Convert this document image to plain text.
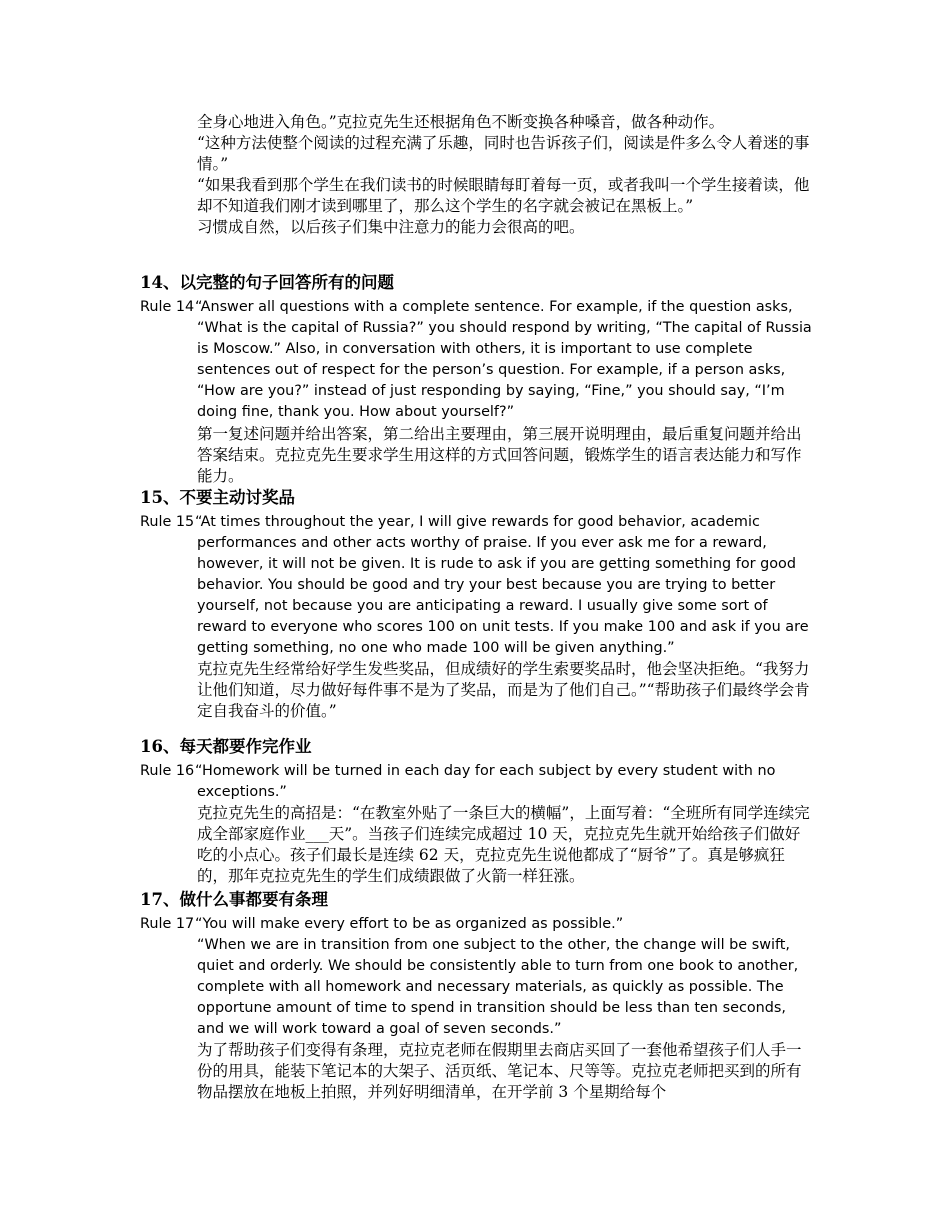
全身心地进入角色。”克拉克先生还根据角色不断变换各种嗓音，做各种动作。

“这种方法使整个阅读的过程充满了乐趣，同时也告诉孩子们，阅读是件多么令人着迷的事情。”

“如果我看到那个学生在我们读书的时候眼睛每盯着每一页，或者我叫一个学生接着读，他却不知道我们刚才读到哪里了，那么这个学生的名字就会被记在黑板上。”

习惯成自然，以后孩子们集中注意力的能力会很高的吧。

14、以完整的句子回答所有的问题

Rule 14 “Answer all questions with a complete sentence. For example, if the question asks, “What is the capital of Russia?” you should respond by writing, “The capital of Russia is Moscow.” Also, in conversation with others, it is important to use complete sentences out of respect for the person’s question. For example, if a person asks, “How are you?” instead of just responding by saying, “Fine,” you should say, “I’m doing fine, thank you. How about yourself?”

第一复述问题并给出答案，第二给出主要理由，第三展开说明理由，最后重复问题并给出答案结束。克拉克先生要求学生用这样的方式回答问题，锻炼学生的语言表达能力和写作能力。

15、不要主动讨奖品

Rule 15 “At times throughout the year, I will give rewards for good behavior, academic performances and other acts worthy of praise. If you ever ask me for a reward, however, it will not be given. It is rude to ask if you are getting something for good behavior. You should be good and try your best because you are trying to better yourself, not because you are anticipating a reward. I usually give some sort of reward to everyone who scores 100 on unit tests. If you make 100 and ask if you are getting something, no one who made 100 will be given anything.”

克拉克先生经常给好学生发些奖品，但成绩好的学生索要奖品时，他会坚决拒绝。“我努力让他们知道，尽力做好每件事不是为了奖品，而是为了他们自己。”“帮助孩子们最终学会肯定自我奋斗的价值。”

16、每天都要作完作业

Rule 16 “Homework will be turned in each day for each subject by every student with no exceptions.”

克拉克先生的高招是：“在教室外贴了一条巨大的横幅”，上面写着：“全班所有同学连续完成全部家庭作业___天”。当孩子们连续完成超过 10 天，克拉克先生就开始给孩子们做好吃的小点心。孩子们最长是连续 62 天，克拉克先生说他都成了“厨爷”了。真是够疯狂的，那年克拉克先生的学生们成绩跟做了火箭一样狂涨。

17、做什么事都要有条理

Rule 17 “You will make every effort to be as organized as possible.”

“When we are in transition from one subject to the other, the change will be swift, quiet and orderly. We should be consistently able to turn from one book to another, complete with all homework and necessary materials, as quickly as possible. The opportune amount of time to spend in transition should be less than ten seconds, and we will work toward a goal of seven seconds.”

为了帮助孩子们变得有条理，克拉克老师在假期里去商店买回了一套他希望孩子们人手一份的用具，能装下笔记本的大架子、活页纸、笔记本、尺等等。克拉克老师把买到的所有物品摆放在地板上拍照，并列好明细清单，在开学前 3 个星期给每个
